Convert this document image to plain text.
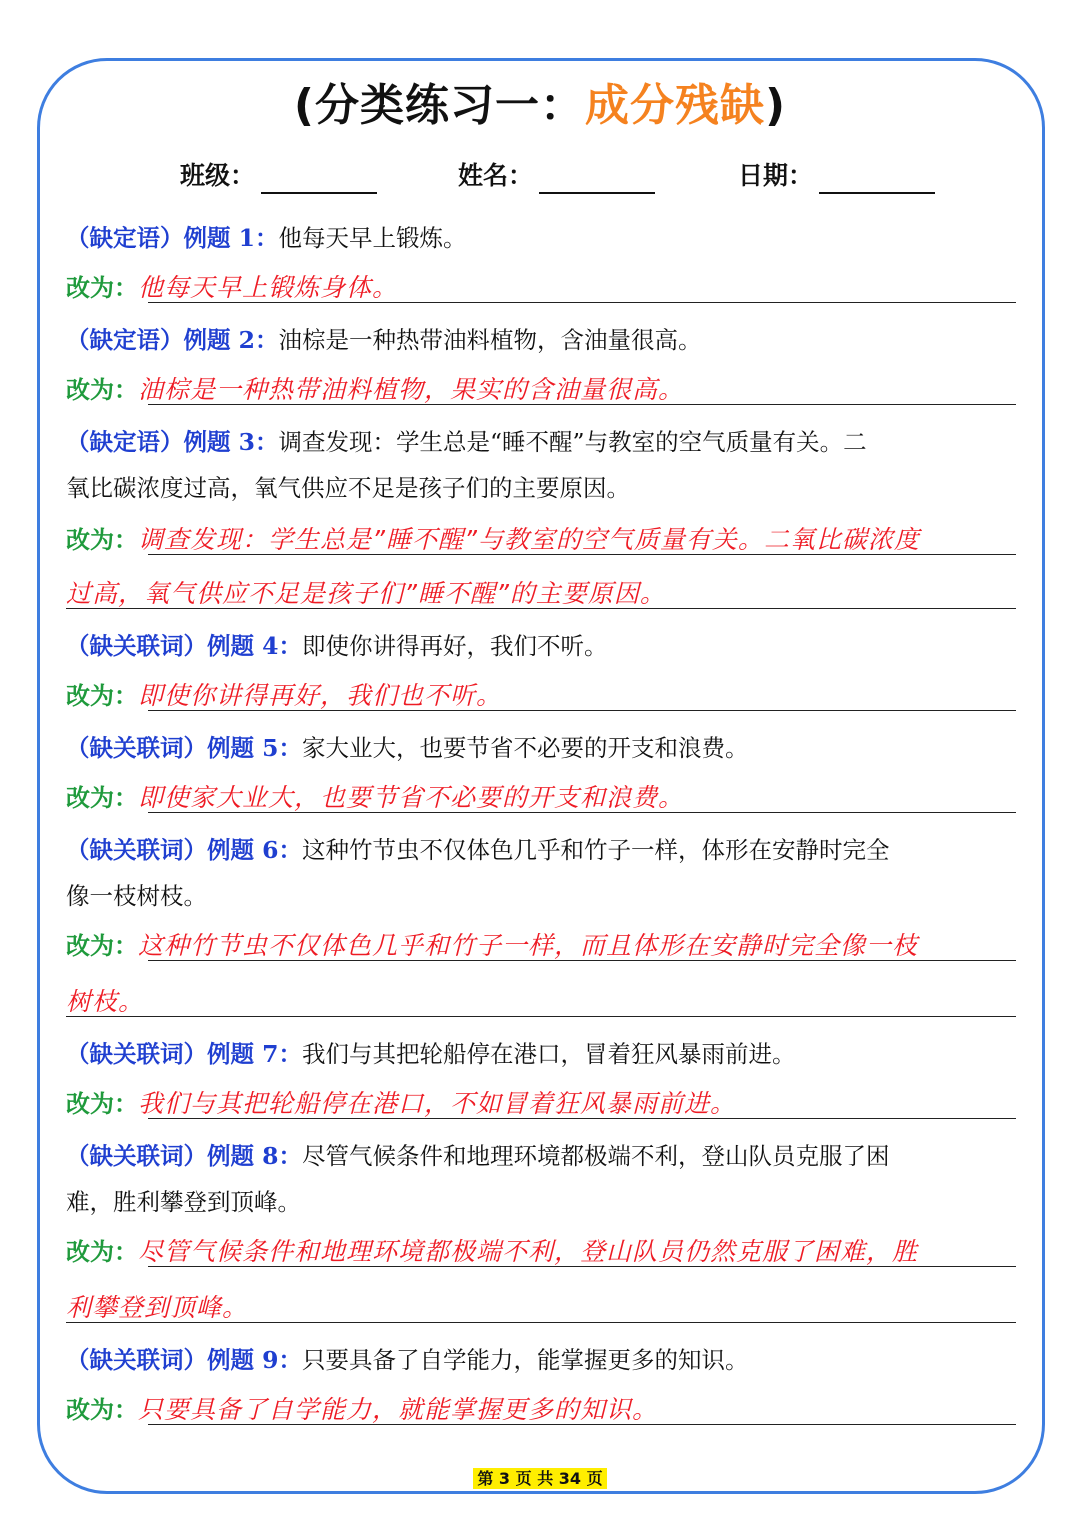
(分类练习一：成分残缺)
班级：	姓名：	日期：
（缺定语）例题 1：他每天早上锻炼。
改为：他每天早上锻炼身体。
（缺定语）例题 2：油棕是一种热带油料植物，含油量很高。
改为：油棕是一种热带油料植物，果实的含油量很高。
（缺定语）例题 3：调查发现：学生总是“睡不醒”与教室的空气质量有关。二
氧比碳浓度过高，氧气供应不足是孩子们的主要原因。
改为：调查发现：学生总是”睡不醒”与教室的空气质量有关。二氧比碳浓度
过高，氧气供应不足是孩子们”睡不醒”的主要原因。
（缺关联词）例题 4：即使你讲得再好，我们不听。
改为：即使你讲得再好，我们也不听。
（缺关联词）例题 5：家大业大，也要节省不必要的开支和浪费。
改为：即使家大业大，也要节省不必要的开支和浪费。
（缺关联词）例题 6：这种竹节虫不仅体色几乎和竹子一样，体形在安静时完全
像一枝树枝。
改为：这种竹节虫不仅体色几乎和竹子一样，而且体形在安静时完全像一枝
树枝。
（缺关联词）例题 7：我们与其把轮船停在港口，冒着狂风暴雨前进。
改为：我们与其把轮船停在港口，不如冒着狂风暴雨前进。
（缺关联词）例题 8：尽管气候条件和地理环境都极端不利，登山队员克服了困
难，胜利攀登到顶峰。
改为：尽管气候条件和地理环境都极端不利，登山队员仍然克服了困难，胜
利攀登到顶峰。
（缺关联词）例题 9：只要具备了自学能力，能掌握更多的知识。
改为：只要具备了自学能力，就能掌握更多的知识。
第 3 页 共 34 页
